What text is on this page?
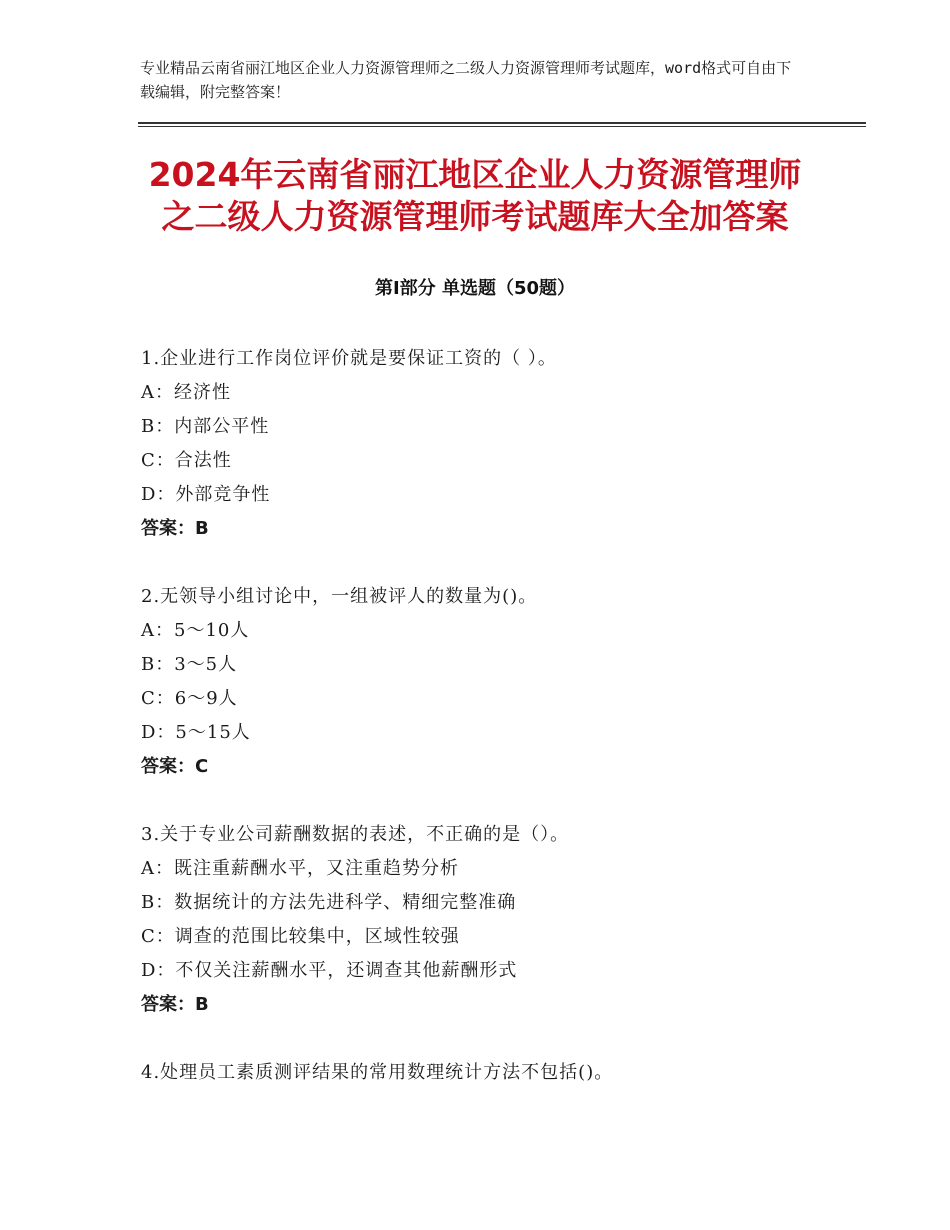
专业精品云南省丽江地区企业人力资源管理师之二级人力资源管理师考试题库，word格式可自由下载编辑，附完整答案！
2024年云南省丽江地区企业人力资源管理师
之二级人力资源管理师考试题库大全加答案
第Ⅰ部分 单选题（50题）
1.企业进行工作岗位评价就是要保证工资的（ ）。
A：经济性
B：内部公平性
C：合法性
D：外部竞争性
答案：B
2.无领导小组讨论中，一组被评人的数量为()。
A：5～10人
B：3～5人
C：6～9人
D：5～15人
答案：C
3.关于专业公司薪酬数据的表述，不正确的是（）。
A：既注重薪酬水平，又注重趋势分析
B：数据统计的方法先进科学、精细完整准确
C：调查的范围比较集中，区域性较强
D：不仅关注薪酬水平，还调查其他薪酬形式
答案：B
4.处理员工素质测评结果的常用数理统计方法不包括()。
